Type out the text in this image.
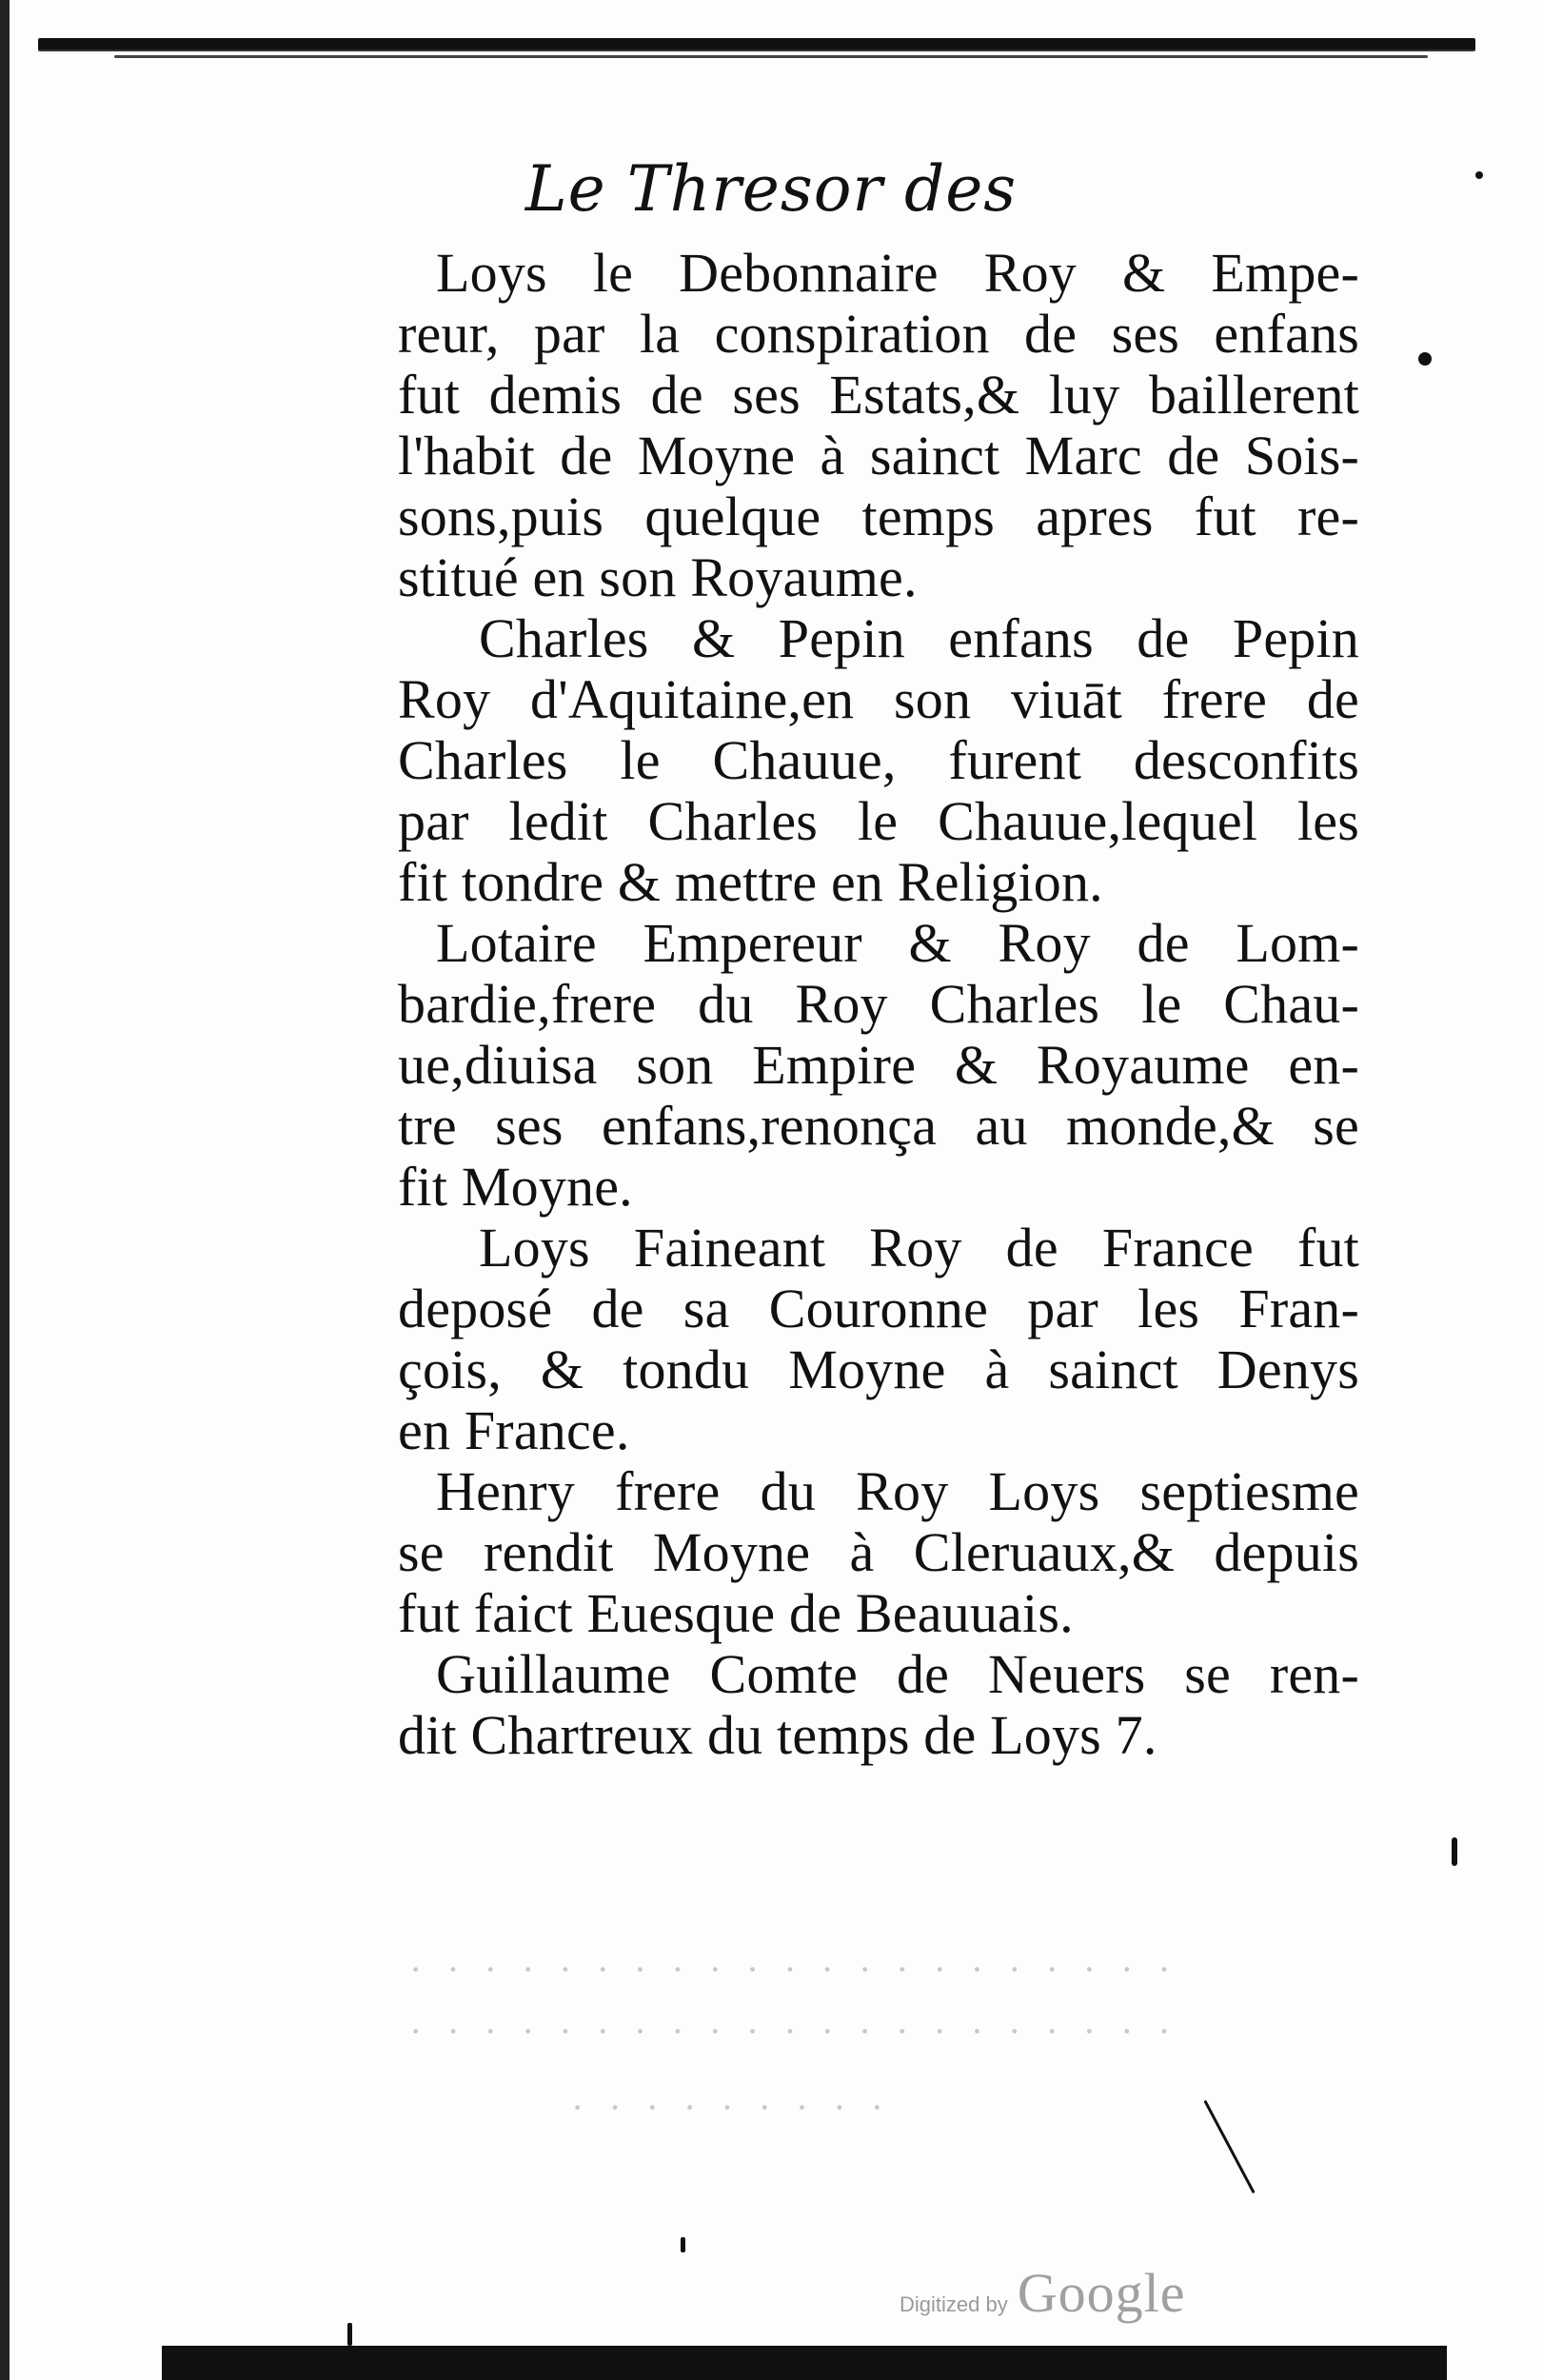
Le Thresor des
Loys le Debonnaire Roy & Empe-
reur, par la conspiration de ses enfans
fut demis de ses Estats,& luy baillerent
l'habit de Moyne à sainct Marc de Sois-
sons,puis quelque temps apres fut re-
stitué en son Royaume.
Charles & Pepin enfans de Pepin
Roy d'Aquitaine,en son viuāt frere de
Charles le Chauue, furent desconfits
par ledit Charles le Chauue,lequel les
fit tondre & mettre en Religion.
Lotaire Empereur & Roy de Lom-
bardie,frere du Roy Charles le Chau-
ue,diuisa son Empire & Royaume en-
tre ses enfans,renonça au monde,& se
fit Moyne.
Loys Faineant Roy de France fut
deposé de sa Couronne par les Fran-
çois, & tondu Moyne à sainct Denys
en France.
Henry frere du Roy Loys septiesme
se rendit Moyne à Cleruaux,& depuis
fut faict Euesque de Beauuais.
Guillaume Comte de Neuers se ren-
dit Chartreux du temps de Loys 7.
· · · · · · · · · · · · · · · · · · · · ·
· · · · · · · · · · · · · · · · · · · · ·
· · · · · · · · ·
Digitized by Google
